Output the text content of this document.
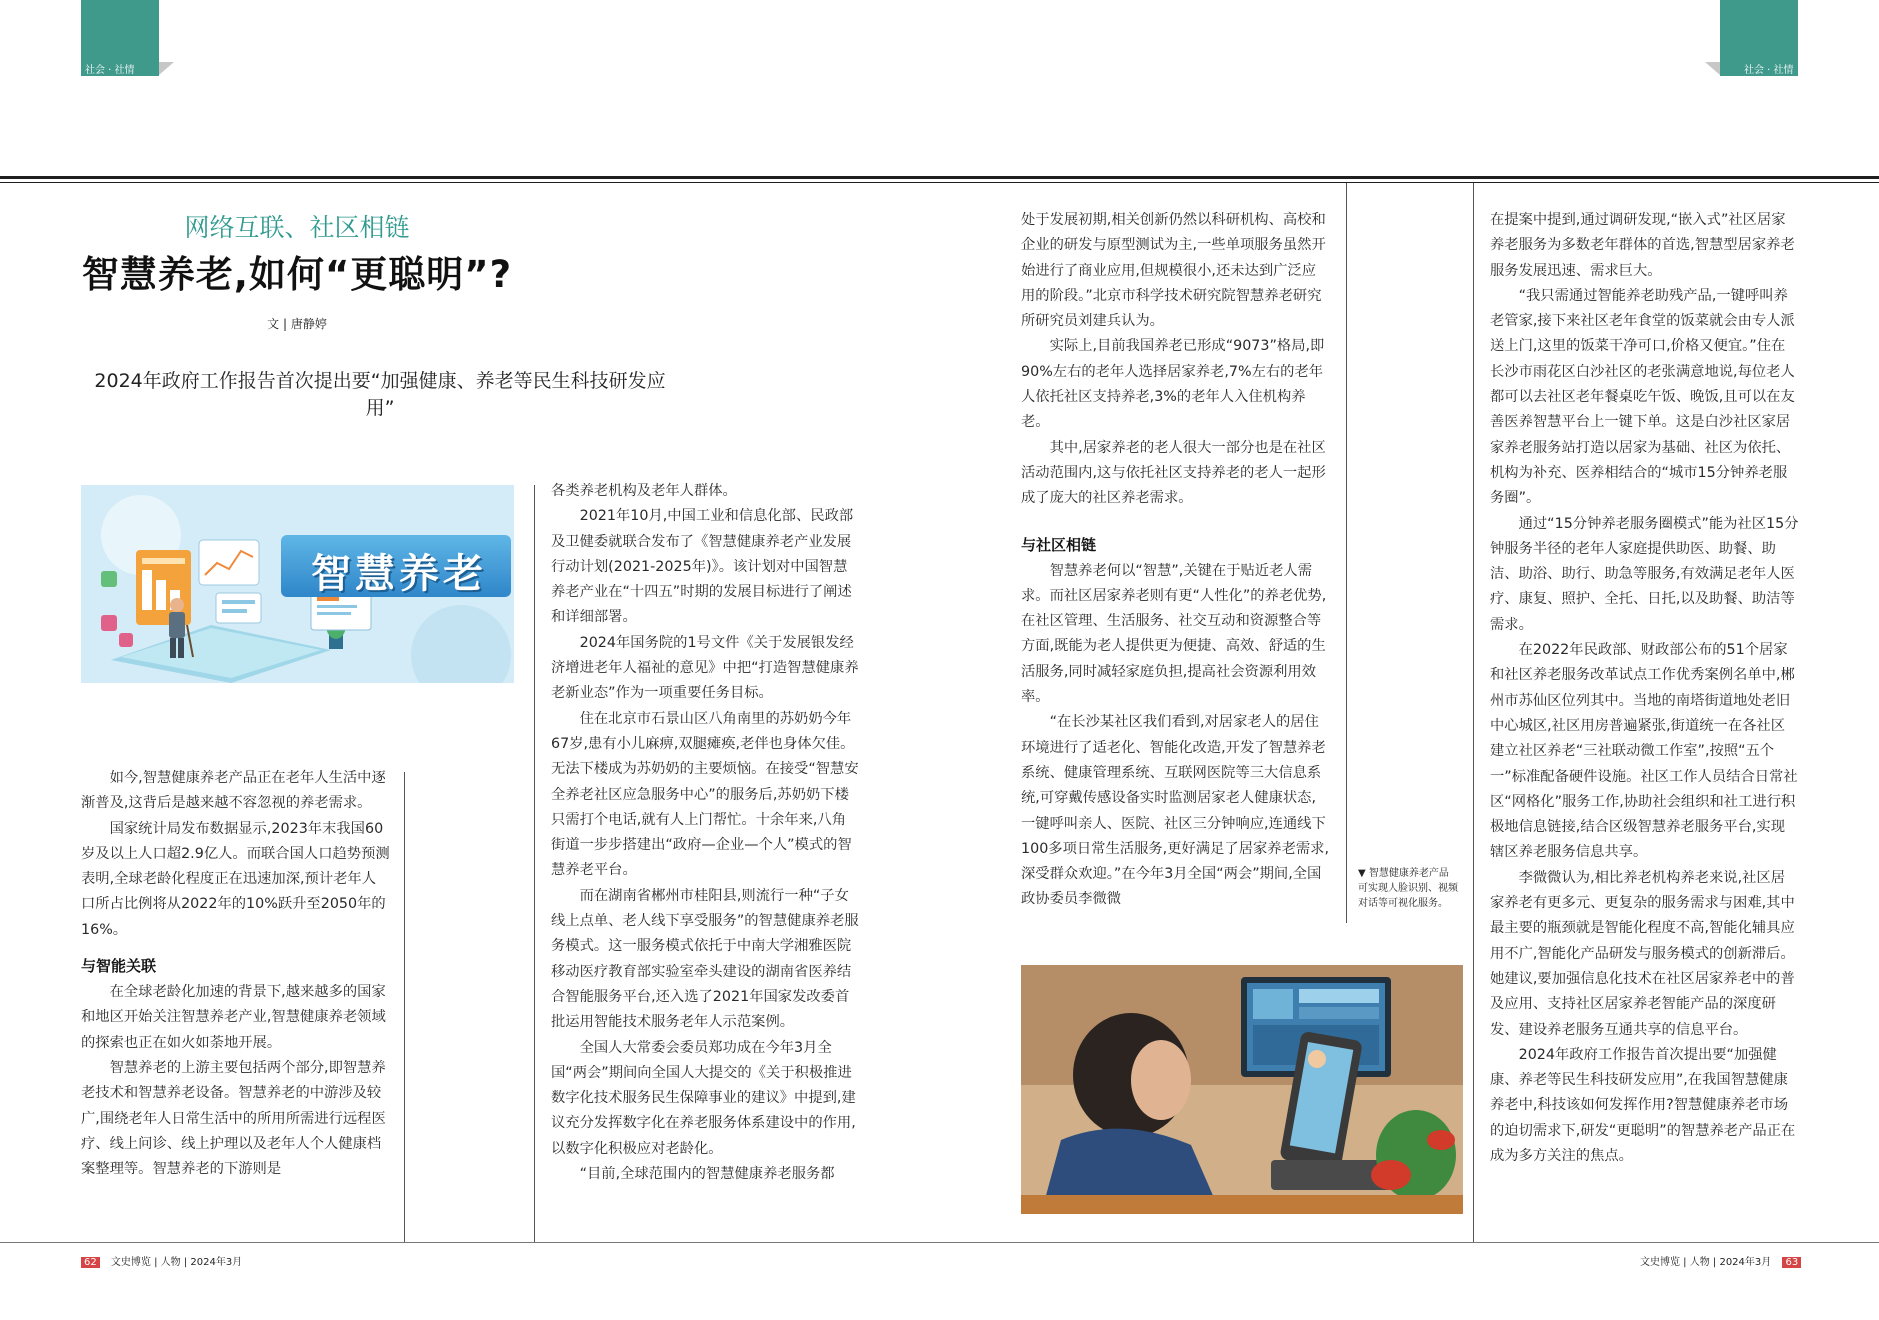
社会 · 社情	社会 · 社情
网络互联、社区相链
智慧养老,如何“更聪明”?
文 | 唐静婷
2024年政府工作报告首次提出要“加强健康、养老等民生科技研发应用”
智慧养老
▼ 智慧健康养老产品
可实现人脸识别、视频
对话等可视化服务。

如今,智慧健康养老产品正在老年人生活中逐渐普及,这背后是越来越不容忽视的养老需求。

国家统计局发布数据显示,2023年末我国60岁及以上人口超2.9亿人。而联合国人口趋势预测表明,全球老龄化程度正在迅速加深,预计老年人口所占比例将从2022年的10%跃升至2050年的16%。

与智能关联

在全球老龄化加速的背景下,越来越多的国家和地区开始关注智慧养老产业,智慧健康养老领域的探索也正在如火如荼地开展。

智慧养老的上游主要包括两个部分,即智慧养老技术和智慧养老设备。智慧养老的中游涉及较广,围绕老年人日常生活中的所用所需进行远程医疗、线上问诊、线上护理以及老年人个人健康档案整理等。智慧养老的下游则是

各类养老机构及老年人群体。

2021年10月,中国工业和信息化部、民政部及卫健委就联合发布了《智慧健康养老产业发展行动计划(2021-2025年)》。该计划对中国智慧养老产业在“十四五”时期的发展目标进行了阐述和详细部署。

2024年国务院的1号文件《关于发展银发经济增进老年人福祉的意见》中把“打造智慧健康养老新业态”作为一项重要任务目标。

住在北京市石景山区八角南里的苏奶奶今年67岁,患有小儿麻痹,双腿瘫痪,老伴也身体欠佳。无法下楼成为苏奶奶的主要烦恼。在接受“智慧安全养老社区应急服务中心”的服务后,苏奶奶下楼只需打个电话,就有人上门帮忙。十余年来,八角街道一步步搭建出“政府—企业—个人”模式的智慧养老平台。

而在湖南省郴州市桂阳县,则流行一种“子女线上点单、老人线下享受服务”的智慧健康养老服务模式。这一服务模式依托于中南大学湘雅医院移动医疗教育部实验室牵头建设的湖南省医养结合智能服务平台,还入选了2021年国家发改委首批运用智能技术服务老年人示范案例。

全国人大常委会委员郑功成在今年3月全国“两会”期间向全国人大提交的《关于积极推进数字化技术服务民生保障事业的建议》中提到,建议充分发挥数字化在养老服务体系建设中的作用,以数字化积极应对老龄化。

“目前,全球范围内的智慧健康养老服务都

处于发展初期,相关创新仍然以科研机构、高校和企业的研发与原型测试为主,一些单项服务虽然开始进行了商业应用,但规模很小,还未达到广泛应用的阶段。”北京市科学技术研究院智慧养老研究所研究员刘建兵认为。

实际上,目前我国养老已形成“9073”格局,即90%左右的老年人选择居家养老,7%左右的老年人依托社区支持养老,3%的老年人入住机构养老。

其中,居家养老的老人很大一部分也是在社区活动范围内,这与依托社区支持养老的老人一起形成了庞大的社区养老需求。

与社区相链

智慧养老何以“智慧”,关键在于贴近老人需求。而社区居家养老则有更“人性化”的养老优势,在社区管理、生活服务、社交互动和资源整合等方面,既能为老人提供更为便捷、高效、舒适的生活服务,同时减轻家庭负担,提高社会资源利用效率。

“在长沙某社区我们看到,对居家老人的居住环境进行了适老化、智能化改造,开发了智慧养老系统、健康管理系统、互联网医院等三大信息系统,可穿戴传感设备实时监测居家老人健康状态,一键呼叫亲人、医院、社区三分钟响应,连通线下100多项日常生活服务,更好满足了居家养老需求,深受群众欢迎。”在今年3月全国“两会”期间,全国政协委员李微微

在提案中提到,通过调研发现,“嵌入式”社区居家养老服务为多数老年群体的首选,智慧型居家养老服务发展迅速、需求巨大。

“我只需通过智能养老助残产品,一键呼叫养老管家,接下来社区老年食堂的饭菜就会由专人派送上门,这里的饭菜干净可口,价格又便宜。”住在长沙市雨花区白沙社区的老张满意地说,每位老人都可以去社区老年餐桌吃午饭、晚饭,且可以在友善医养智慧平台上一键下单。这是白沙社区家居家养老服务站打造以居家为基础、社区为依托、机构为补充、医养相结合的“城市15分钟养老服务圈”。

通过“15分钟养老服务圈模式”能为社区15分钟服务半径的老年人家庭提供助医、助餐、助洁、助浴、助行、助急等服务,有效满足老年人医疗、康复、照护、全托、日托,以及助餐、助洁等需求。

在2022年民政部、财政部公布的51个居家和社区养老服务改革试点工作优秀案例名单中,郴州市苏仙区位列其中。当地的南塔街道地处老旧中心城区,社区用房普遍紧张,街道统一在各社区建立社区养老“三社联动微工作室”,按照“五个一”标准配备硬件设施。社区工作人员结合日常社区“网格化”服务工作,协助社会组织和社工进行积极地信息链接,结合区级智慧养老服务平台,实现辖区养老服务信息共享。

李微微认为,相比养老机构养老来说,社区居家养老有更多元、更复杂的服务需求与困难,其中最主要的瓶颈就是智能化程度不高,智能化辅具应用不广,智能化产品研发与服务模式的创新滞后。她建议,要加强信息化技术在社区居家养老中的普及应用、支持社区居家养老智能产品的深度研发、建设养老服务互通共享的信息平台。

2024年政府工作报告首次提出要“加强健康、养老等民生科技研发应用”,在我国智慧健康养老中,科技该如何发挥作用?智慧健康养老市场的迫切需求下,研发“更聪明”的智慧养老产品正在成为多方关注的焦点。

62 文史博览 | 人物 | 2024年3月	文史博览 | 人物 | 2024年3月 63
